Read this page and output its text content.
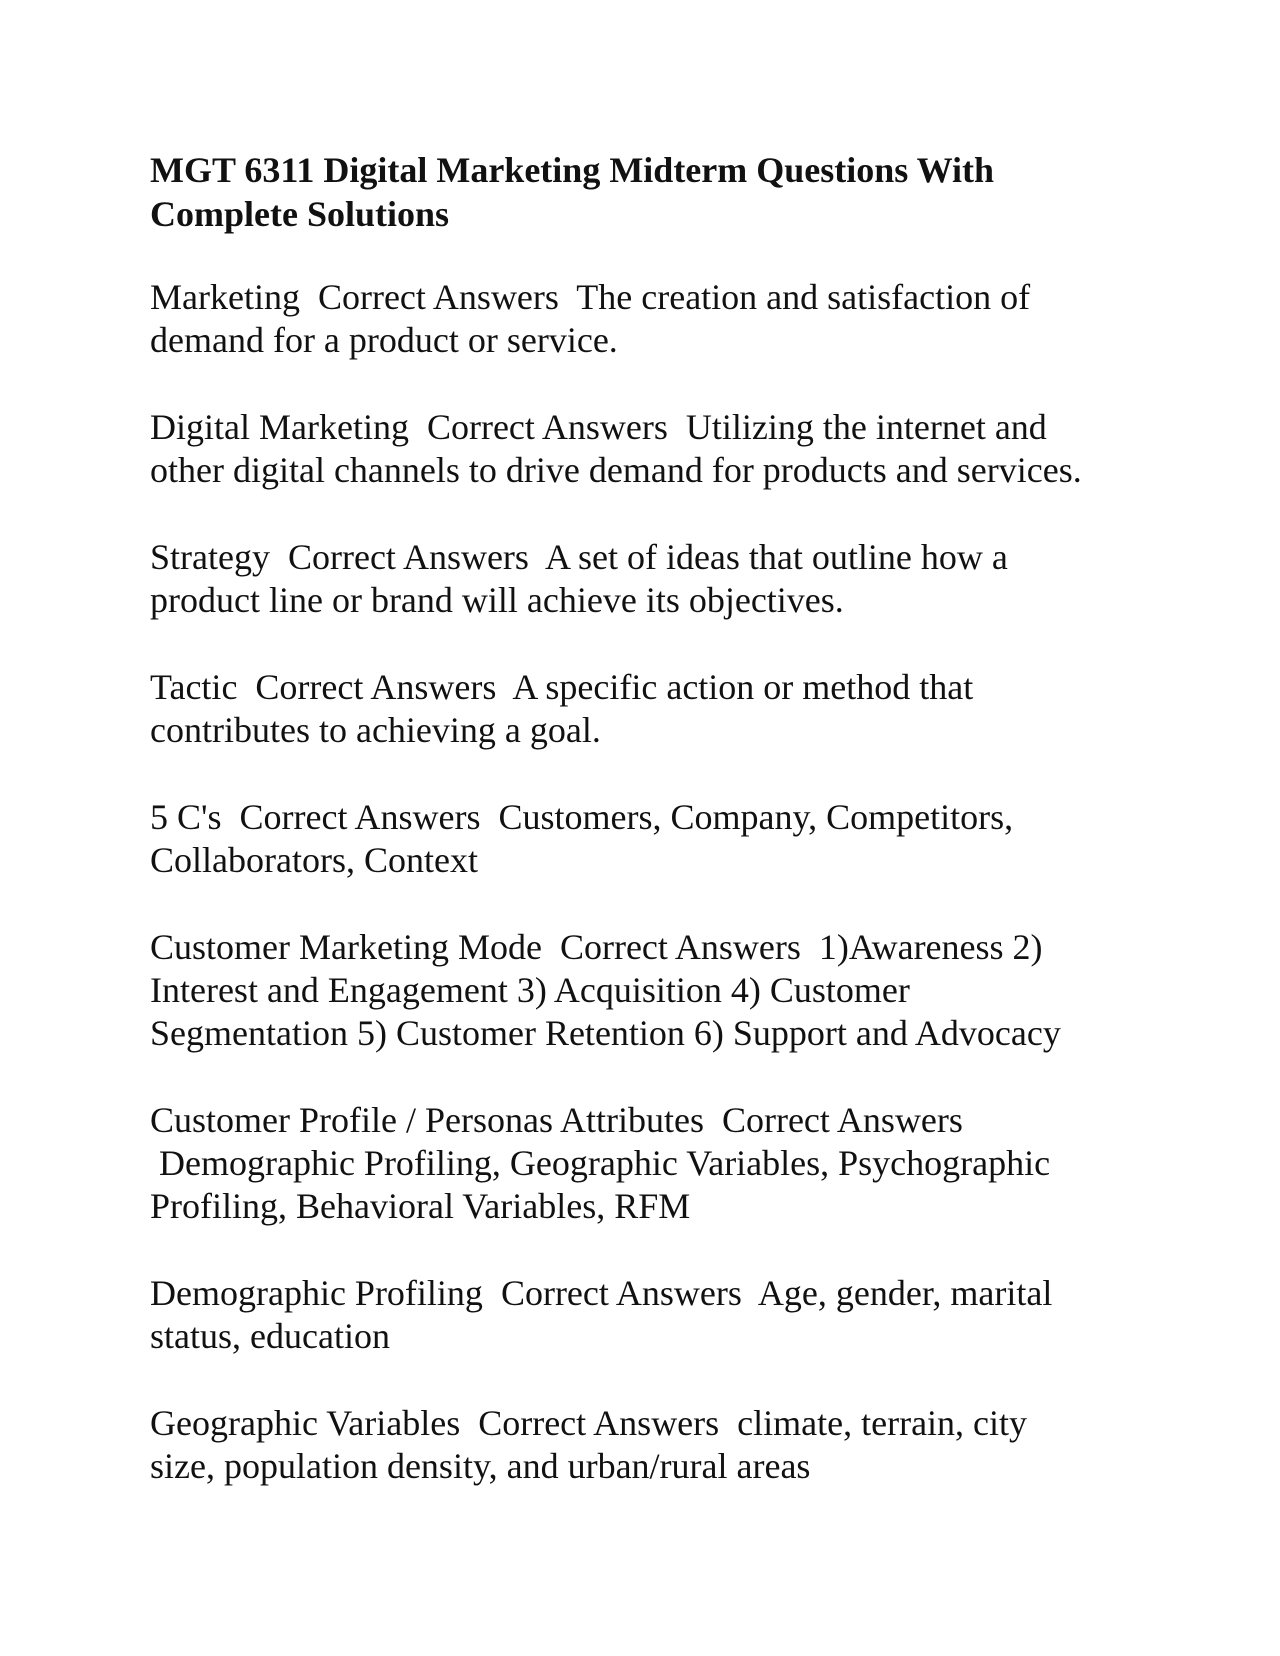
MGT 6311 Digital Marketing Midterm Questions With
Complete Solutions
Marketing Correct Answers The creation and satisfaction of
demand for a product or service.
Digital Marketing Correct Answers Utilizing the internet and
other digital channels to drive demand for products and services.
Strategy Correct Answers A set of ideas that outline how a
product line or brand will achieve its objectives.
Tactic Correct Answers A specific action or method that
contributes to achieving a goal.
5 C's Correct Answers Customers, Company, Competitors,
Collaborators, Context
Customer Marketing Mode Correct Answers 1)Awareness 2)
Interest and Engagement 3) Acquisition 4) Customer
Segmentation 5) Customer Retention 6) Support and Advocacy
Customer Profile / Personas Attributes Correct Answers
Demographic Profiling, Geographic Variables, Psychographic
Profiling, Behavioral Variables, RFM
Demographic Profiling Correct Answers Age, gender, marital
status, education
Geographic Variables Correct Answers climate, terrain, city
size, population density, and urban/rural areas
